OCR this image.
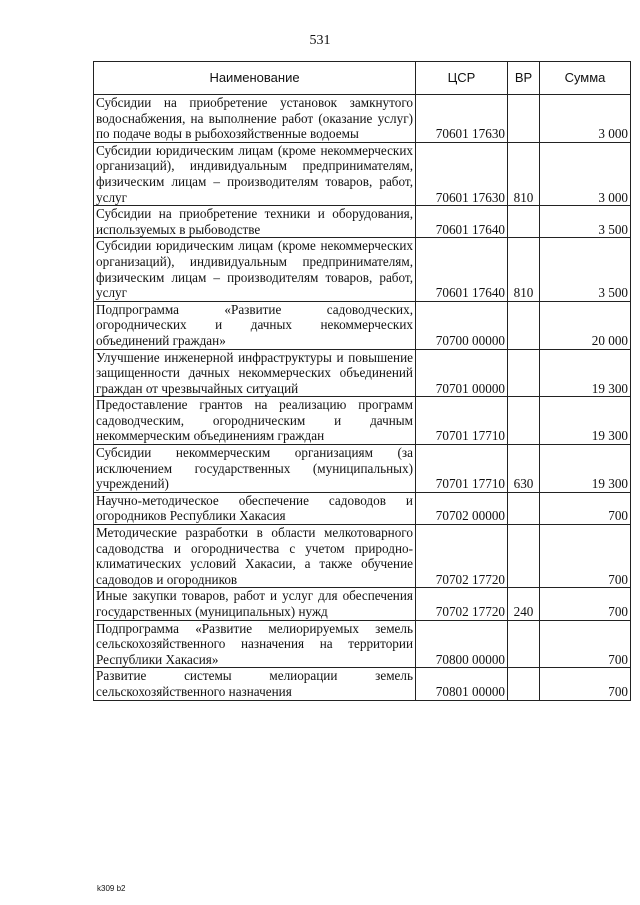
531
Наименование	ЦСР	ВР	Сумма
Субсидии на приобретение установок замкнутого водоснабжения, на выполнение работ (оказание услуг) по подаче воды в рыбохозяйственные водоемы	70601 17630		3 000
Субсидии юридическим лицам (кроме некоммерческих организаций), индивидуальным предпринимателям, физическим лицам – производителям товаров, работ, услуг	70601 17630	810	3 000
Субсидии на приобретение техники и оборудования, используемых в рыбоводстве	70601 17640		3 500
Субсидии юридическим лицам (кроме некоммерческих организаций), индивидуальным предпринимателям, физическим лицам – производителям товаров, работ, услуг	70601 17640	810	3 500
Подпрограмма «Развитие садоводческих, огороднических и дачных некоммерческих объединений граждан»	70700 00000		20 000
Улучшение инженерной инфраструктуры и повышение защищенности дачных некоммерческих объединений граждан от чрезвычайных ситуаций	70701 00000		19 300
Предоставление грантов на реализацию программ садоводческим, огородническим и дачным некоммерческим объединениям граждан	70701 17710		19 300
Субсидии некоммерческим организациям (за исключением государственных (муниципальных) учреждений)	70701 17710	630	19 300
Научно-методическое обеспечение садоводов и огородников Республики Хакасия	70702 00000		700
Методические разработки в области мелкотоварного садоводства и огородничества с учетом природно-климатических условий Хакасии, а также обучение садоводов и огородников	70702 17720		700
Иные закупки товаров, работ и услуг для обеспечения государственных (муниципальных) нужд	70702 17720	240	700
Подпрограмма «Развитие мелиорируемых земель сельскохозяйственного назначения на территории Республики Хакасия»	70800 00000		700
Развитие системы мелиорации земель сельскохозяйственного назначения	70801 00000		700
k309 b2
